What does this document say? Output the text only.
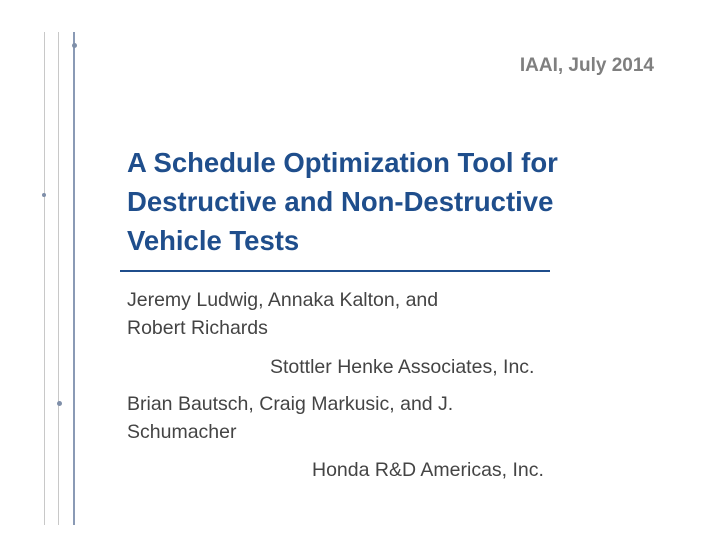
IAAI, July 2014
A Schedule Optimization Tool for
Destructive and Non-Destructive
Vehicle Tests
Jeremy Ludwig, Annaka Kalton, and
Robert Richards
Stottler Henke Associates, Inc.
Brian Bautsch, Craig Markusic, and J.
Schumacher
Honda R&D Americas, Inc.
